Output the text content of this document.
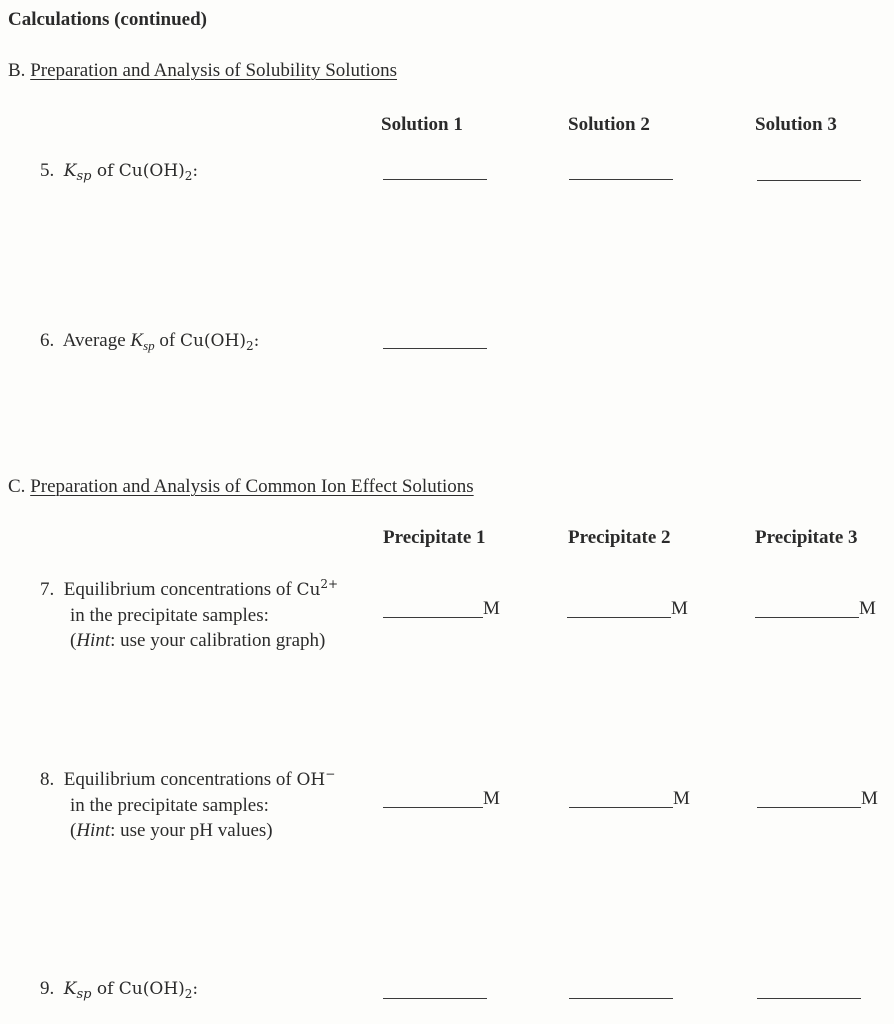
Calculations (continued)
B. Preparation and Analysis of Solubility Solutions
Solution 1	Solution 2	Solution 3
5. $K_{sp}$ of $Cu(OH)_2$:
6. Average $K_{sp}$ of $Cu(OH)_2$:
C. Preparation and Analysis of Common Ion Effect Solutions
Precipitate 1	Precipitate 2	Precipitate 3
7. Equilibrium concentrations of $Cu^{2+}$
in the precipitate samples:
(Hint: use your calibration graph)
M	M	M
8. Equilibrium concentrations of OH−
in the precipitate samples:
(Hint: use your pH values)
M	M	M
9. $K_{sp}$ of $Cu(OH)_2$:
